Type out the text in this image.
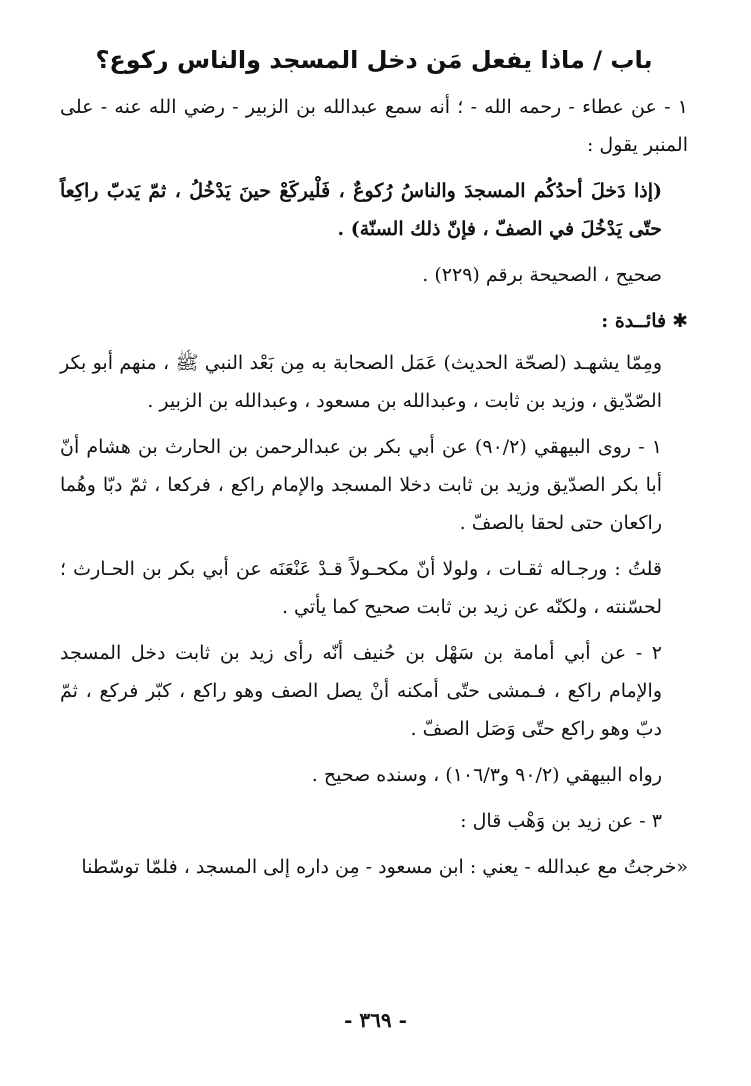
باب / ماذا يفعل مَن دخل المسجد والناس ركوع؟
١ - عن عطاء - رحمه الله - ؛ أنه سمع عبدالله بن الزبير - رضي الله عنه - على المنبر يقول :
(إذا دَخلَ أحدُكُم المسجدَ والناسُ رُكوعٌ ، فَلْيركَعْ حينَ يَدْخُلُ ، ثمّ يَدبّ راكِعاً حتّى يَدْخُلَ في الصفّ ، فإنّ ذلك السنّة) .
صحيح ، الصحيحة برقم (٢٢٩) .
✱فائــدة :
ومِمّا يشهـد (لصحّة الحديث) عَمَل الصحابة به مِن بَعْد النبي ﷺ ، منهم أبو بكر الصّدّيق ، وزيد بن ثابت ، وعبدالله بن مسعود ، وعبدالله بن الزبير .
١ - روى البيهقي (٩٠/٢) عن أبي بكر بن عبدالرحمن بن الحارث بن هشام أنّ أبا بكر الصدّيق وزيد بن ثابت دخلا المسجد والإمام راكع ، فركعا ، ثمّ دبّا وهُما راكعان حتى لحقا بالصفّ .
قلتُ : ورجـاله ثقـات ، ولولا أنّ مكحـولاً قـدْ عَنْعَنَه عن أبي بكر بن الحـارث ؛ لحسّنته ، ولكنّه عن زيد بن ثابت صحيح كما يأتي .
٢ - عن أبي أمامة بن سَهْل بن حُنيف أنّه رأى زيد بن ثابت دخل المسجد والإمام راكع ، فـمشى حتّى أمكنه أنْ يصل الصف وهو راكع ، كبّر فركع ، ثمّ دبّ وهو راكع حتّى وَصَل الصفّ .
رواه البيهقي (٩٠/٢ و١٠٦/٣) ، وسنده صحيح .
٣ - عن زيد بن وَهْب قال :
«خرجتُ مع عبدالله - يعني : ابن مسعود - مِن داره إلى المسجد ، فلمّا توسّطنا
- ٣٦٩ -
